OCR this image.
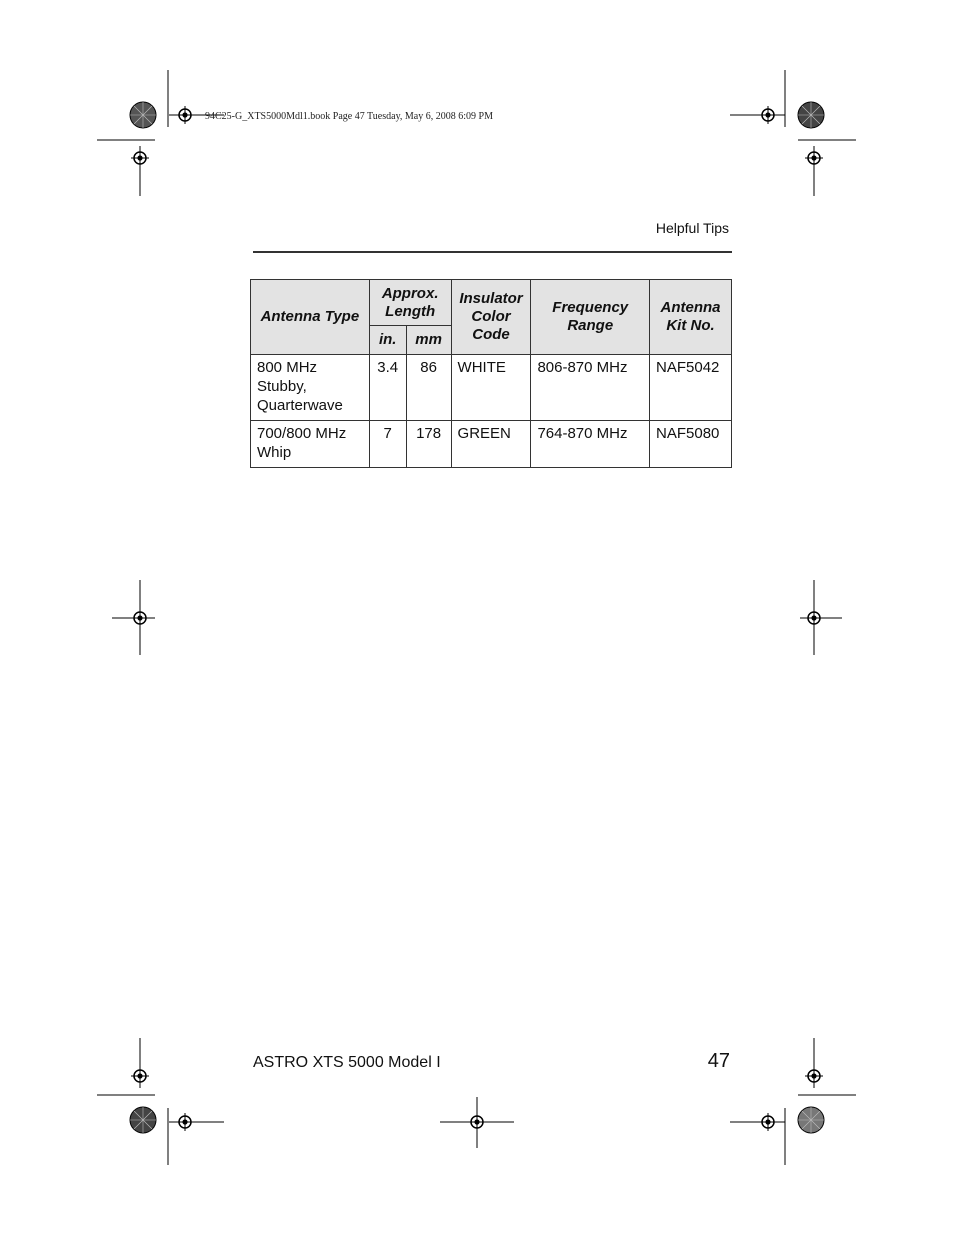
94C25-G_XTS5000Mdl1.book Page 47 Tuesday, May 6, 2008 6:09 PM
Helpful Tips
Antenna Type	Approx. Length		Insulator Color Code	Frequency Range	Antenna Kit No.
	in.	mm			
800 MHz Stubby, Quarterwave	3.4	86	WHITE	806-870 MHz	NAF5042
700/800 MHz Whip	7	178	GREEN	764-870 MHz	NAF5080
ASTRO XTS 5000 Model I	47
